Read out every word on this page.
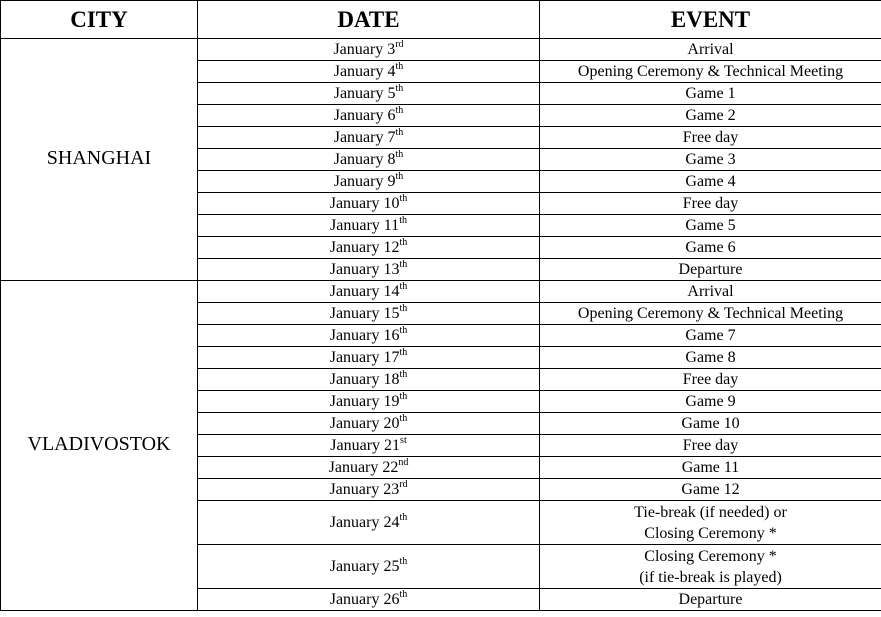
CITY	DATE	EVENT
SHANGHAI	January 3rd	Arrival
	January 4th	Opening Ceremony & Technical Meeting
	January 5th	Game 1
	January 6th	Game 2
	January 7th	Free day
	January 8th	Game 3
	January 9th	Game 4
	January 10th	Free day
	January 11th	Game 5
	January 12th	Game 6
	January 13th	Departure
VLADIVOSTOK	January 14th	Arrival
	January 15th	Opening Ceremony & Technical Meeting
	January 16th	Game 7
	January 17th	Game 8
	January 18th	Free day
	January 19th	Game 9
	January 20th	Game 10
	January 21st	Free day
	January 22nd	Game 11
	January 23rd	Game 12
	January 24th	Tie-break (if needed) or
Closing Ceremony *

	January 25th	Closing Ceremony *
(if tie-break is played)

	January 26th	Departure
